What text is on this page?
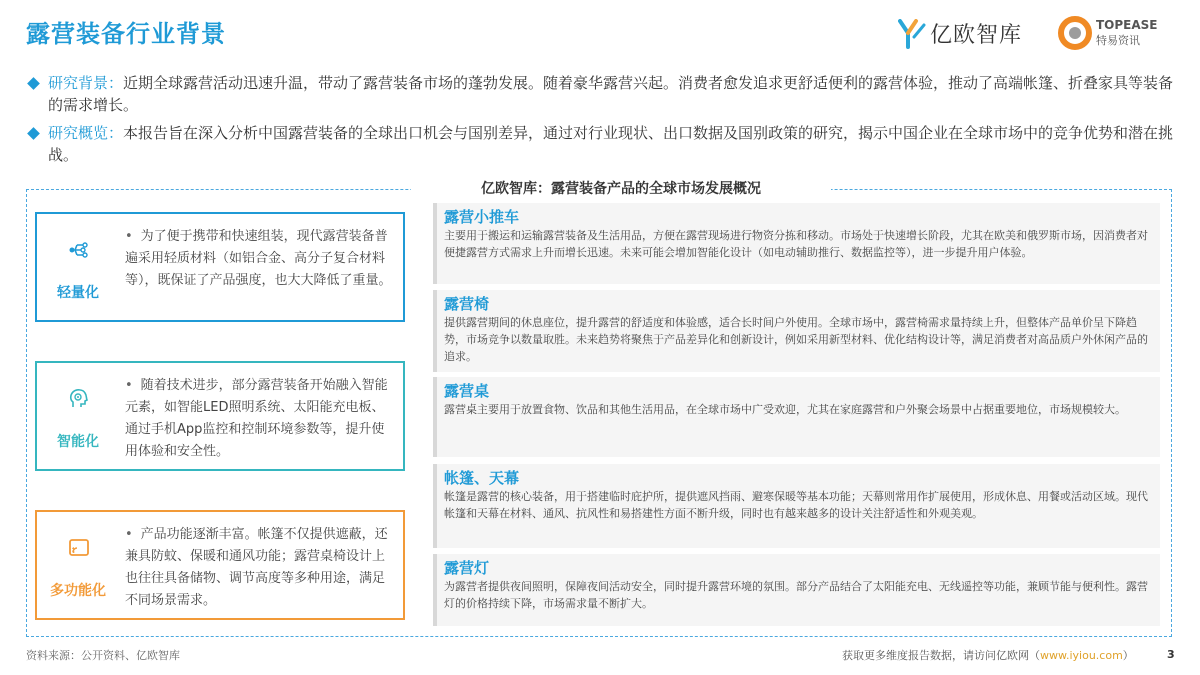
露营装备行业背景	亿欧智库	TOPEASE
特易资讯
研究背景：近期全球露营活动迅速升温，带动了露营装备市场的蓬勃发展。随着豪华露营兴起。消费者愈发追求更舒适便利的露营体验，推动了高端帐篷、折叠家具等装备的需求增长。
研究概览：本报告旨在深入分析中国露营装备的全球出口机会与国别差异，通过对行业现状、出口数据及国别政策的研究，揭示中国企业在全球市场中的竞争优势和潜在挑战。
亿欧智库：露营装备产品的全球市场发展概况
轻量化
• 为了便于携带和快速组装，现代露营装备普遍采用轻质材料（如铝合金、高分子复合材料等），既保证了产品强度，也大大降低了重量。
智能化
• 随着技术进步，部分露营装备开始融入智能元素，如智能LED照明系统、太阳能充电板、通过手机App监控和控制环境参数等，提升使用体验和安全性。
多功能化
• 产品功能逐渐丰富。帐篷不仅提供遮蔽，还兼具防蚊、保暖和通风功能；露营桌椅设计上也往往具备储物、调节高度等多种用途，满足不同场景需求。
露营小推车
主要用于搬运和运输露营装备及生活用品，方便在露营现场进行物资分拣和移动。市场处于快速增长阶段，尤其在欧美和俄罗斯市场，因消费者对便捷露营方式需求上升而增长迅速。未来可能会增加智能化设计（如电动辅助推行、数据监控等），进一步提升用户体验。
露营椅
提供露营期间的休息座位，提升露营的舒适度和体验感，适合长时间户外使用。全球市场中，露营椅需求量持续上升，但整体产品单价呈下降趋势，市场竞争以数量取胜。未来趋势将聚焦于产品差异化和创新设计，例如采用新型材料、优化结构设计等，满足消费者对高品质户外休闲产品的追求。
露营桌
露营桌主要用于放置食物、饮品和其他生活用品，在全球市场中广受欢迎，尤其在家庭露营和户外聚会场景中占据重要地位，市场规模较大。
帐篷、天幕
帐篷是露营的核心装备，用于搭建临时庇护所，提供遮风挡雨、避寒保暖等基本功能；天幕则常用作扩展使用，形成休息、用餐或活动区域。现代帐篷和天幕在材料、通风、抗风性和易搭建性方面不断升级，同时也有越来越多的设计关注舒适性和外观美观。
露营灯
为露营者提供夜间照明，保障夜间活动安全，同时提升露营环境的氛围。部分产品结合了太阳能充电、无线遥控等功能，兼顾节能与便利性。露营灯的价格持续下降，市场需求量不断扩大。
资料来源：公开资料、亿欧智库	获取更多维度报告数据，请访问亿欧网（www.iyiou.com）	3
